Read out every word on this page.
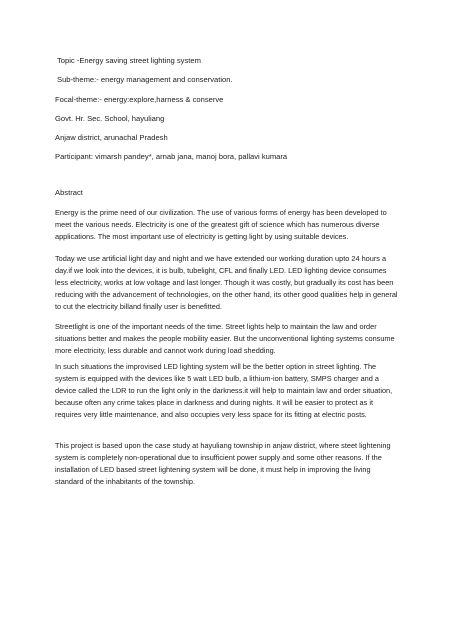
Topic -Energy saving street lighting system
Sub-theme:- energy management and conservation.
Focal-theme:- energy:explore,harness & conserve
Govt. Hr. Sec. School, hayuliang
Anjaw district, arunachal Pradesh
Participant: vimarsh pandey*, arnab jana, manoj bora, pallavi kumara
Abstract
Energy is the prime need of our civilization. The use of various forms of energy has been developed to meet the various needs. Electricity is one of the greatest gift of science which has numerous diverse applications. The most important use of electricity is getting light by using suitable devices.
Today we use artificial light day and night and we have extended our working duration upto 24 hours a day.if we look into the devices, it is bulb, tubelight, CFL and finally LED. LED lighting device consumes less electricity, works at low voltage and last longer. Though it was costly, but gradually its cost has been reducing with the advancement of technologies, on the other hand, its other good qualities help in general to cut the electricity billand finally user is benefitted.
Streetlight is one of the important needs of the time. Street lights help to maintain the law and order situations better and makes the people mobility easier. But the unconventional lighting systems consume more electricity, less durable and cannot work during load shedding.
In such situations the improvised LED lighting system will be the better option in street lighting. The system is equipped with the devices like 5 watt LED bulb, a lithium-ion battery, SMPS charger and a device called the LDR to run the light only in the darkness.it will help to maintain law and order situation, because often any crime takes place in darkness and during nights. It will be easier to protect as it requires very little maintenance, and also occupies very less space for its fitting at electric posts.
This project is based upon the case study at hayuliang township in anjaw district, where steet lightening system is completely non-operational due to insufficient power supply and some other reasons. If the installation of LED based street lightening system will be done, it must help in improving the living standard of the inhabitants of the township.
